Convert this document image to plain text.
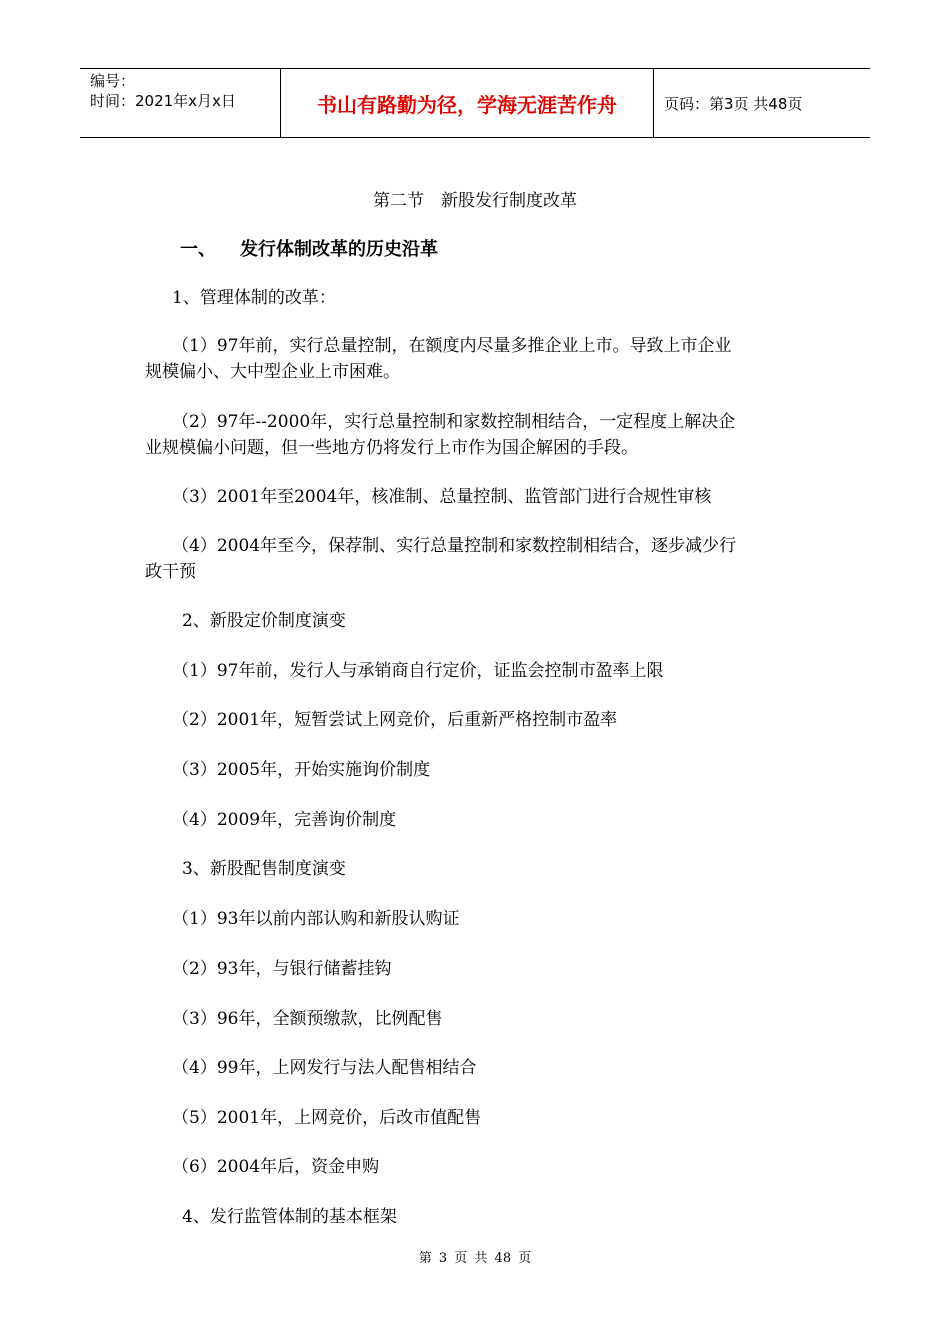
编号：
时间：2021年x月x日	书山有路勤为径，学海无涯苦作舟	页码：第3页 共48页
第二节　新股发行制度改革
一、 发行体制改革的历史沿革
1、管理体制的改革：
（1）97年前，实行总量控制，在额度内尽量多推企业上市。导致上市企业
规模偏小、大中型企业上市困难。
（2）97年--2000年，实行总量控制和家数控制相结合，一定程度上解决企
业规模偏小问题，但一些地方仍将发行上市作为国企解困的手段。
（3）2001年至2004年，核准制、总量控制、监管部门进行合规性审核
（4）2004年至今，保荐制、实行总量控制和家数控制相结合，逐步减少行
政干预
2、新股定价制度演变
（1）97年前，发行人与承销商自行定价，证监会控制市盈率上限
（2）2001年，短暂尝试上网竞价，后重新严格控制市盈率
（3）2005年，开始实施询价制度
（4）2009年，完善询价制度
3、新股配售制度演变
（1）93年以前内部认购和新股认购证
（2）93年，与银行储蓄挂钩
（3）96年，全额预缴款，比例配售
（4）99年，上网发行与法人配售相结合
（5）2001年，上网竞价，后改市值配售
（6）2004年后，资金申购
4、发行监管体制的基本框架
第 3 页 共 48 页
